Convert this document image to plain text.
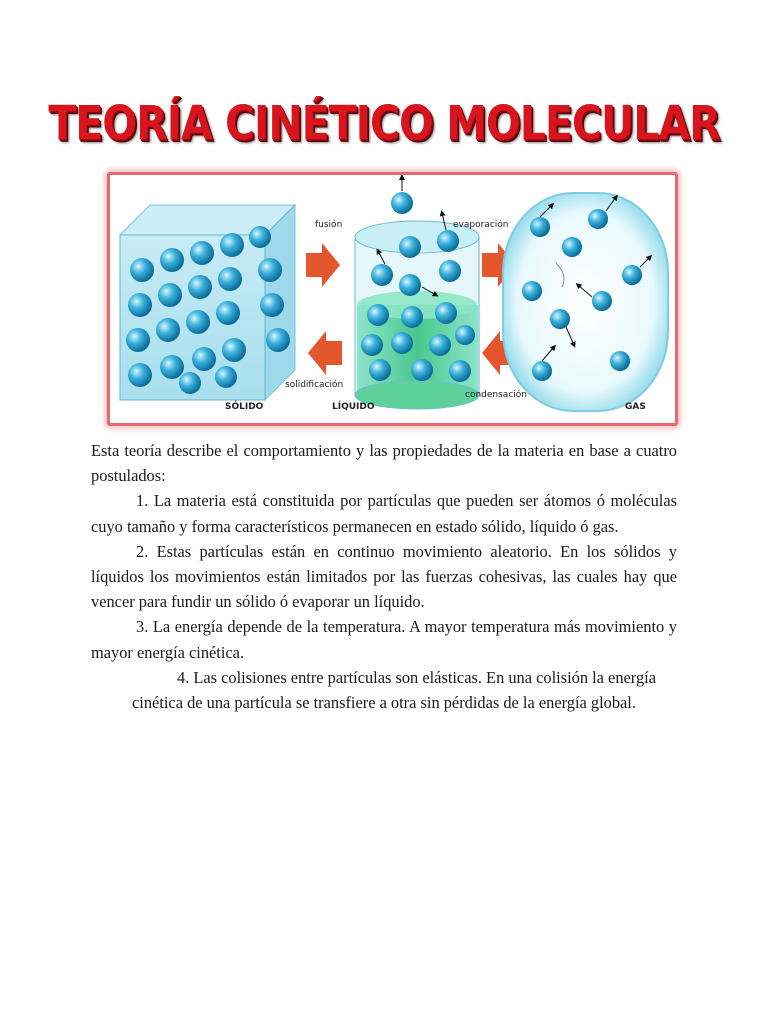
TEORÍA CINÉTICO MOLECULAR
fusión
solidificación
evaporación
condensación
SÓLIDO	LÍQUIDO	GAS

Esta teoría describe el comportamiento y las propiedades de la materia en base a cuatro postulados:

1. La materia está constituida por partículas que pueden ser átomos ó moléculas cuyo tamaño y forma característicos permanecen en estado sólido, líquido ó gas.

2. Estas partículas están en continuo movimiento aleatorio. En los sólidos y líquidos los movimientos están limitados por las fuerzas cohesivas, las cuales hay que vencer para fundir un sólido ó evaporar un líquido.

3. La energía depende de la temperatura. A mayor temperatura más movimiento y mayor energía cinética.

4. Las colisiones entre partículas son elásticas. En una colisión la energía cinética de una partícula se transfiere a otra sin pérdidas de la energía global.
